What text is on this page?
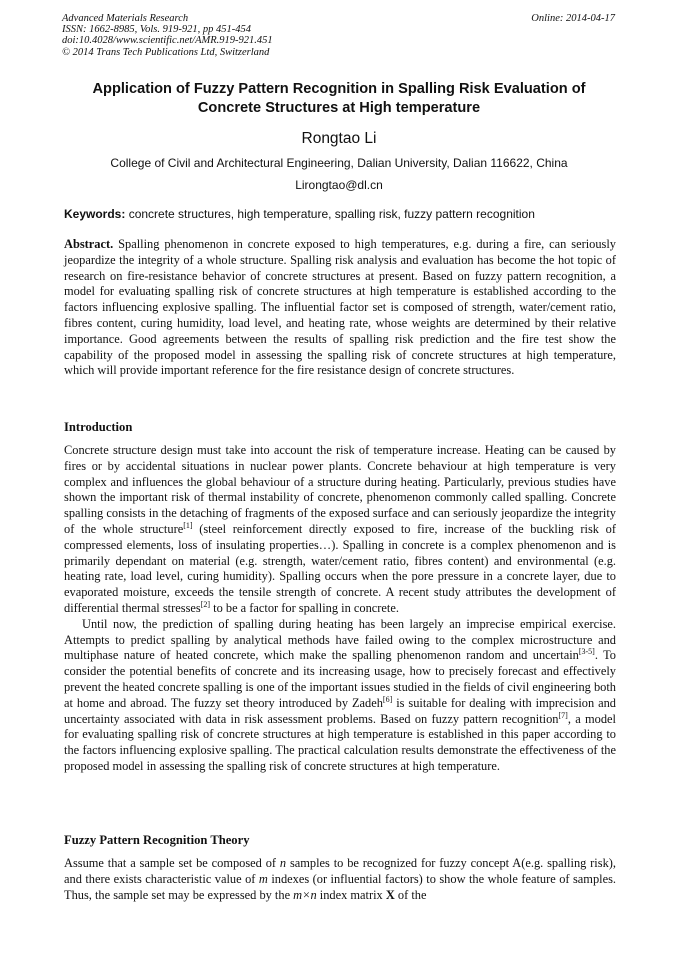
Advanced Materials Research
ISSN: 1662-8985, Vols. 919-921, pp 451-454
doi:10.4028/www.scientific.net/AMR.919-921.451
© 2014 Trans Tech Publications Ltd, Switzerland
Online: 2014-04-17
Application of Fuzzy Pattern Recognition in Spalling Risk Evaluation of
Concrete Structures at High temperature
Rongtao Li
College of Civil and Architectural Engineering, Dalian University, Dalian 116622, China
Lirongtao@dl.cn
Keywords: concrete structures, high temperature, spalling risk, fuzzy pattern recognition

Abstract. Spalling phenomenon in concrete exposed to high temperatures, e.g. during a fire, can seriously jeopardize the integrity of a whole structure. Spalling risk analysis and evaluation has become the hot topic of research on fire-resistance behavior of concrete structures at present. Based on fuzzy pattern recognition, a model for evaluating spalling risk of concrete structures at high temperature is established according to the factors influencing explosive spalling. The influential factor set is composed of strength, water/cement ratio, fibres content, curing humidity, load level, and heating rate, whose weights are determined by their relative importance. Good agreements between the results of spalling risk prediction and the fire test show the capability of the proposed model in assessing the spalling risk of concrete structures at high temperature, which will provide important reference for the fire resistance design of concrete structures.

Introduction

Concrete structure design must take into account the risk of temperature increase. Heating can be caused by fires or by accidental situations in nuclear power plants. Concrete behaviour at high temperature is very complex and influences the global behaviour of a structure during heating. Particularly, previous studies have shown the important risk of thermal instability of concrete, phenomenon commonly called spalling. Concrete spalling consists in the detaching of fragments of the exposed surface and can seriously jeopardize the integrity of the whole structure[1] (steel reinforcement directly exposed to fire, increase of the buckling risk of compressed elements, loss of insulating properties…). Spalling in concrete is a complex phenomenon and is primarily dependant on material (e.g. strength, water/cement ratio, fibres content) and environmental (e.g. heating rate, load level, curing humidity). Spalling occurs when the pore pressure in a concrete layer, due to evaporated moisture, exceeds the tensile strength of concrete. A recent study attributes the development of differential thermal stresses[2] to be a factor for spalling in concrete.

Until now, the prediction of spalling during heating has been largely an imprecise empirical exercise. Attempts to predict spalling by analytical methods have failed owing to the complex microstructure and multiphase nature of heated concrete, which make the spalling phenomenon random and uncertain[3-5]. To consider the potential benefits of concrete and its increasing usage, how to precisely forecast and effectively prevent the heated concrete spalling is one of the important issues studied in the fields of civil engineering both at home and abroad. The fuzzy set theory introduced by Zadeh[6] is suitable for dealing with imprecision and uncertainty associated with data in risk assessment problems. Based on fuzzy pattern recognition[7], a model for evaluating spalling risk of concrete structures at high temperature is established in this paper according to the factors influencing explosive spalling. The practical calculation results demonstrate the effectiveness of the proposed model in assessing the spalling risk of concrete structures at high temperature.

Fuzzy Pattern Recognition Theory

Assume that a sample set be composed of n samples to be recognized for fuzzy concept A(e.g. spalling risk), and there exists characteristic value of m indexes (or influential factors) to show the whole feature of samples. Thus, the sample set may be expressed by the m×n index matrix X of the
